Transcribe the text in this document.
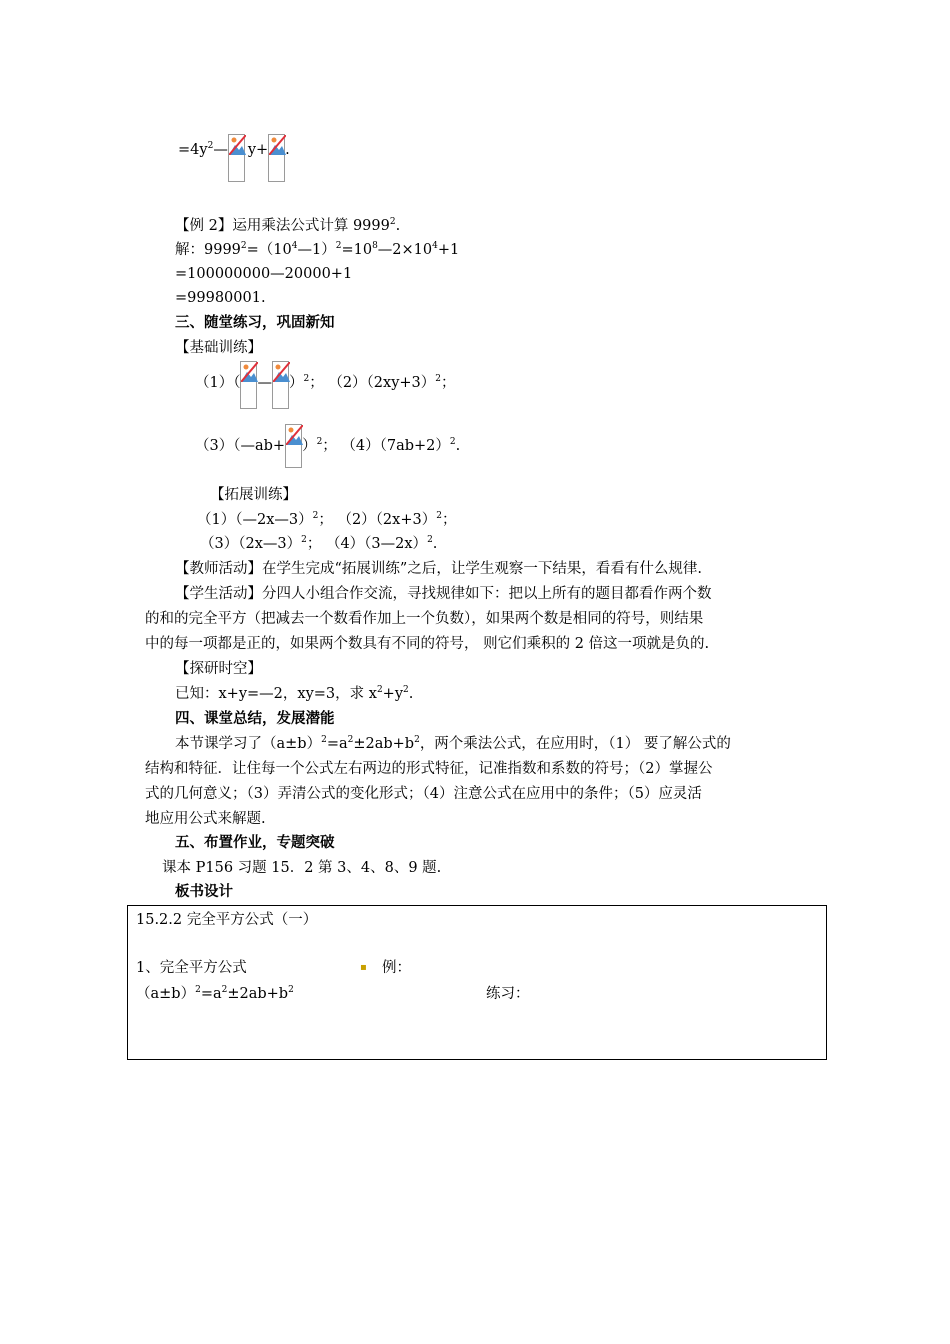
$=4y^2—$ y+ .
【例 2】运用乘法公式计算 9999$^2$.
解：$9999^2=(10^4—1)^2=10^8—2\times 10^4+1$
=100000000—20000+1
=99980001.
三、随堂练习，巩固新知
【基础训练】
（1）（ — ）$^2$； $(2)(2xy+3)^2$；
（3）（—ab+ ）$^2$； $(4)(7ab+2)^2$.
【拓展训练】
（1）（—2x—3）$^2$； $(2)(2x+3)^2$；
（3）（2x—3）$^2$； （4）（3—2x）$^2$.
【教师活动】在学生完成“拓展训练”之后，让学生观察一下结果，看看有什么规律.
【学生活动】分四人小组合作交流，寻找规律如下：把以上所有的题目都看作两个数
的和的完全平方（把减去一个数看作加上一个负数），如果两个数是相同的符号，则结果
中的每一项都是正的，如果两个数具有不同的符号， 则它们乘积的 2 倍这一项就是负的.
【探研时空】
已知：x+y=—2，xy=3，求 $x^2+y^2$.
四、课堂总结，发展潜能
本节课学习了$(a\pm b)^2=a^2\pm 2ab+b^2$，两个乘法公式，在应用时，（1） 要了解公式的
结构和特征．让住每一个公式左右两边的形式特征，记准指数和系数的符号；（2）掌握公
式的几何意义；（3）弄清公式的变化形式；（4）注意公式在应用中的条件；（5）应灵活
地应用公式来解题.
五、布置作业，专题突破
课本 P156 习题 15．2 第 3、4、8、9 题.
板书设计
15.2.2 完全平方公式（一）
1、完全平方公式	▪ 例：
$(a\pm b)^2=a^2\pm 2ab+b^2$	练习：
